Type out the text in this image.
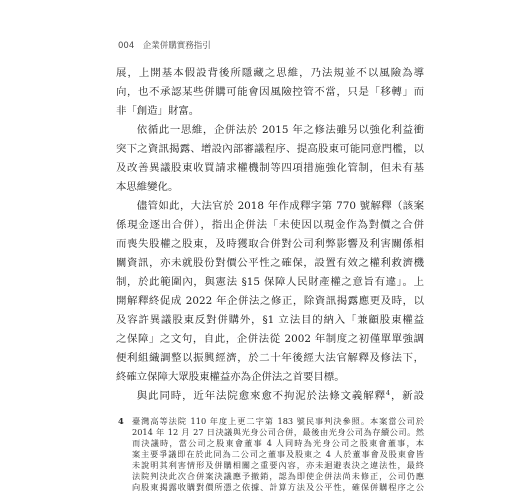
004 企業併購實務指引
展，上開基本假設背後所隱藏之思維，乃法規並不以風險為導
向，也不承認某些併購可能會因風險控管不當，只是「移轉」而
非「創造」財富。
依循此一思維，企併法於 2015 年之修法雖另以強化利益衝
突下之資訊揭露、增設內部審議程序、提高股東可能同意門檻，以
及改善異議股東收買請求權機制等四項措施強化管制，但未有基
本思維變化。
儘管如此，大法官於 2018 年作成釋字第 770 號解釋（該案
係現金逐出合併），指出企併法「未使因以現金作為對價之合併
而喪失股權之股東，及時獲取合併對公司利弊影響及利害關係相
關資訊，亦未就股份對價公平性之確保，設置有效之權利救濟機
制，於此範圍內，與憲法 §15 保障人民財產權之意旨有違」。上
開解釋終促成 2022 年企併法之修正，除資訊揭露應更及時，以
及容許異議股東反對併購外，§1 立法目的納入「兼顧股東權益
之保障」之文句，自此，企併法從 2002 年制度之初僅單單強調
便利組織調整以振興經濟，於二十年後經大法官解釋及修法下，
終確立保障大眾股東權益亦為企併法之首要目標。
與此同時，近年法院愈來愈不拘泥於法條文義解釋$^4$，新設
4 臺灣高等法院 110 年度上更二字第 183 號民事判決參照。本案當公司於
2014 年 12 月 27 日決議與光身公司合併，最後由光身公司為存續公司。然
而決議時，當公司之股東會董事 4 人同時為光身公司之股東會董事，本
案主要爭議即在於此同為二公司之董事及股東之 4 人於董事會及股東會皆
未說明其利害情形及併購相關之重要內容，亦未迴避表決之違法性，最終
法院判決此次合併案決議應予撤銷，認為即使企併法尚未修正，公司仍應
向股東揭露收購對價所憑之依據、計算方法及公平性，確保併購程序之公
